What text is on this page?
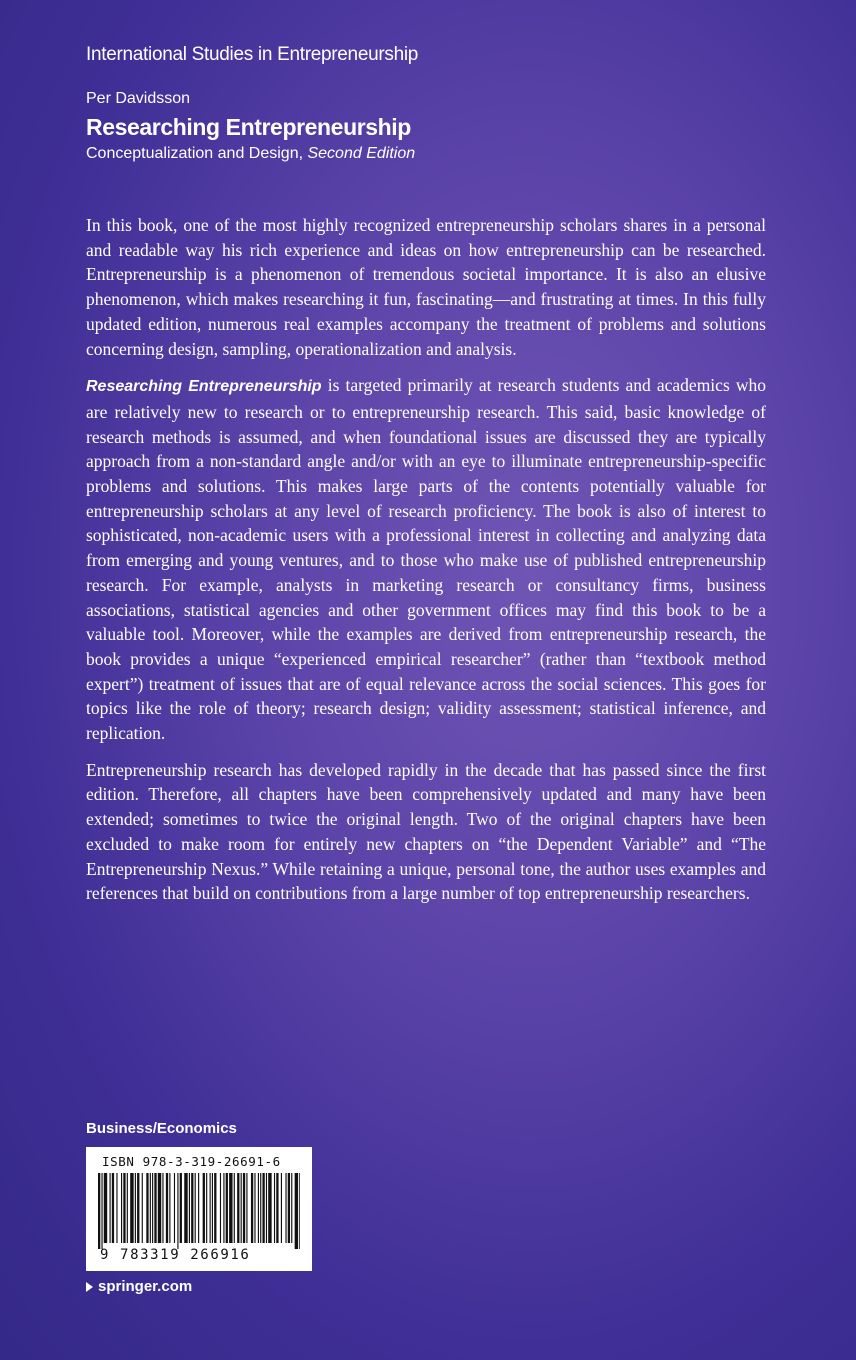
International Studies in Entrepreneurship
Per Davidsson
Researching Entrepreneurship
Conceptualization and Design, Second Edition

In this book, one of the most highly recognized entrepreneurship scholars shares in a personal and readable way his rich experience and ideas on how entrepreneurship can be researched. Entrepreneurship is a phenomenon of tremendous societal importance. It is also an elusive phenomenon, which makes researching it fun, fascinating—and frustrating at times. In this fully updated edition, numerous real examples accompany the treatment of problems and solutions concerning design, sampling, operationalization and analysis.

Researching Entrepreneurship is targeted primarily at research students and academics who are relatively new to research or to entrepreneurship research. This said, basic knowledge of research methods is assumed, and when foundational issues are discussed they are typically approach from a non-standard angle and/or with an eye to illuminate entrepreneurship-specific problems and solutions. This makes large parts of the contents potentially valuable for entrepreneurship scholars at any level of research proficiency. The book is also of interest to sophisticated, non-academic users with a professional interest in collecting and analyzing data from emerging and young ventures, and to those who make use of published entrepreneurship research. For example, analysts in marketing research or consultancy firms, business associations, statistical agencies and other government offices may find this book to be a valuable tool. Moreover, while the examples are derived from entrepreneurship research, the book provides a unique “experienced empirical researcher” (rather than “textbook method expert”) treatment of issues that are of equal relevance across the social sciences. This goes for topics like the role of theory; research design; validity assessment; statistical inference, and replication.

Entrepreneurship research has developed rapidly in the decade that has passed since the first edition. Therefore, all chapters have been comprehensively updated and many have been extended; sometimes to twice the original length. Two of the original chapters have been excluded to make room for entirely new chapters on “the Dependent Variable” and “The Entrepreneurship Nexus.” While retaining a unique, personal tone, the author uses examples and references that build on contributions from a large number of top entrepreneurship researchers.

Business/Economics
ISBN 978-3-319-26691-6
9 783319 266916
springer.com
